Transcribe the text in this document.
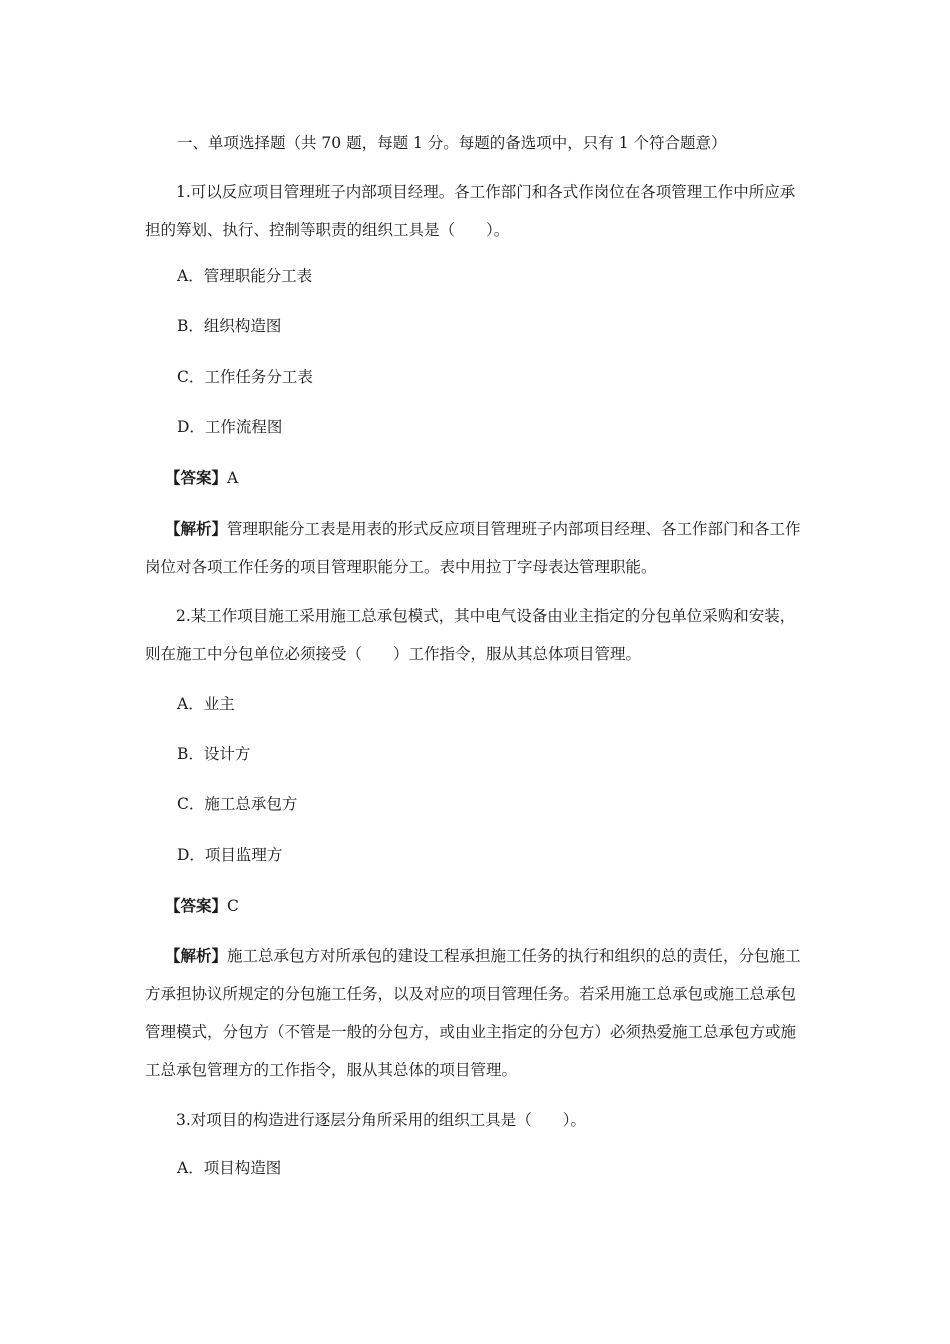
一、单项选择题（共 70 题，每题 1 分。每题的备选项中，只有 1 个符合题意）

1.可以反应项目管理班子内部项目经理。各工作部门和各式作岗位在各项管理工作中所应承担的筹划、执行、控制等职责的组织工具是（　　）。

A．管理职能分工表

B．组织构造图

C．工作任务分工表

D．工作流程图

【答案】A

【解析】管理职能分工表是用表的形式反应项目管理班子内部项目经理、各工作部门和各工作岗位对各项工作任务的项目管理职能分工。表中用拉丁字母表达管理职能。

2.某工作项目施工采用施工总承包模式，其中电气设备由业主指定的分包单位采购和安装，则在施工中分包单位必须接受（　　）工作指令，服从其总体项目管理。

A．业主

B．设计方

C．施工总承包方

D．项目监理方

【答案】C

【解析】施工总承包方对所承包的建设工程承担施工任务的执行和组织的总的责任，分包施工方承担协议所规定的分包施工任务，以及对应的项目管理任务。若采用施工总承包或施工总承包管理模式，分包方（不管是一般的分包方，或由业主指定的分包方）必须热爱施工总承包方或施工总承包管理方的工作指令，服从其总体的项目管理。

3.对项目的构造进行逐层分角所采用的组织工具是（　　）。

A．项目构造图
